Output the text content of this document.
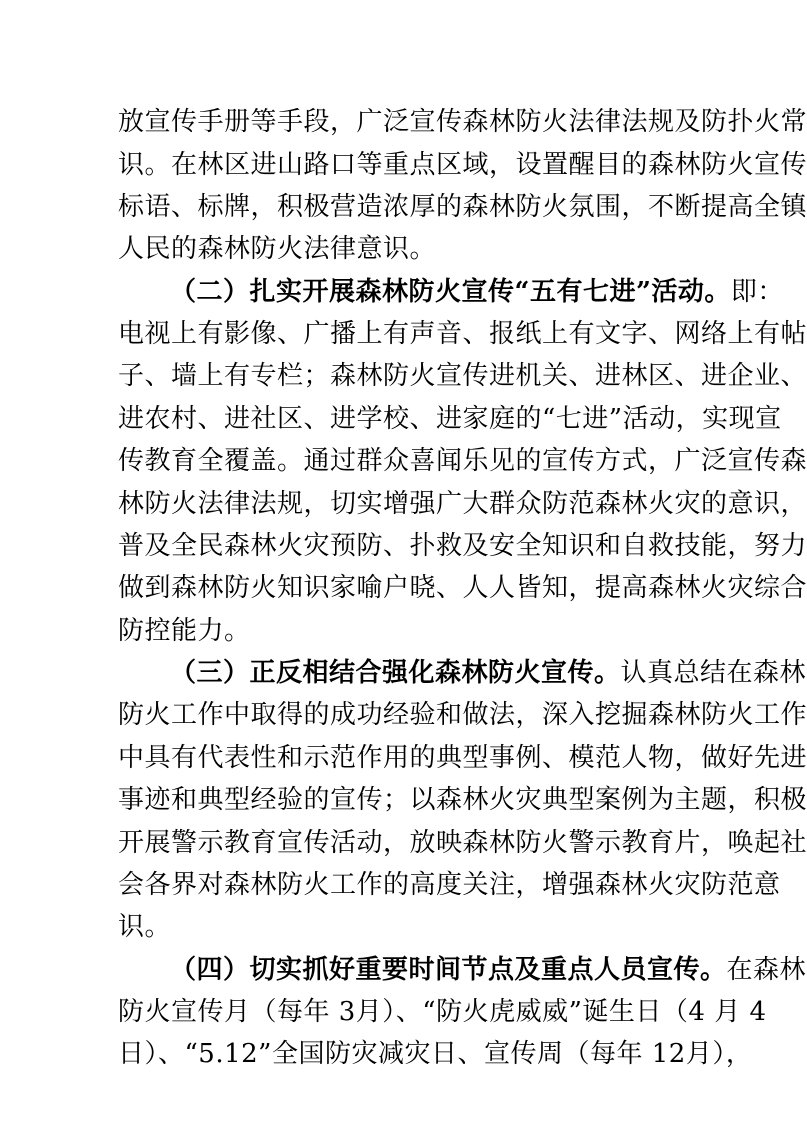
放宣传手册等手段，广泛宣传森林防火法律法规及防扑火常
识。在林区进山路口等重点区域，设置醒目的森林防火宣传
标语、标牌，积极营造浓厚的森林防火氛围，不断提高全镇
人民的森林防火法律意识。
（二）扎实开展森林防火宣传“五有七进”活动。即：
电视上有影像、广播上有声音、报纸上有文字、网络上有帖
子、墙上有专栏；森林防火宣传进机关、进林区、进企业、
进农村、进社区、进学校、进家庭的“七进”活动，实现宣
传教育全覆盖。通过群众喜闻乐见的宣传方式，广泛宣传森
林防火法律法规，切实增强广大群众防范森林火灾的意识，
普及全民森林火灾预防、扑救及安全知识和自救技能，努力
做到森林防火知识家喻户晓、人人皆知，提高森林火灾综合
防控能力。
（三）正反相结合强化森林防火宣传。认真总结在森林
防火工作中取得的成功经验和做法，深入挖掘森林防火工作
中具有代表性和示范作用的典型事例、模范人物，做好先进
事迹和典型经验的宣传；以森林火灾典型案例为主题，积极
开展警示教育宣传活动，放映森林防火警示教育片，唤起社
会各界对森林防火工作的高度关注，增强森林火灾防范意
识。
（四）切实抓好重要时间节点及重点人员宣传。在森林
防火宣传月（每年 3月）、“防火虎威威”诞生日（4 月 4
日）、“5.12”全国防灾减灾日、宣传周（每年 12月），
